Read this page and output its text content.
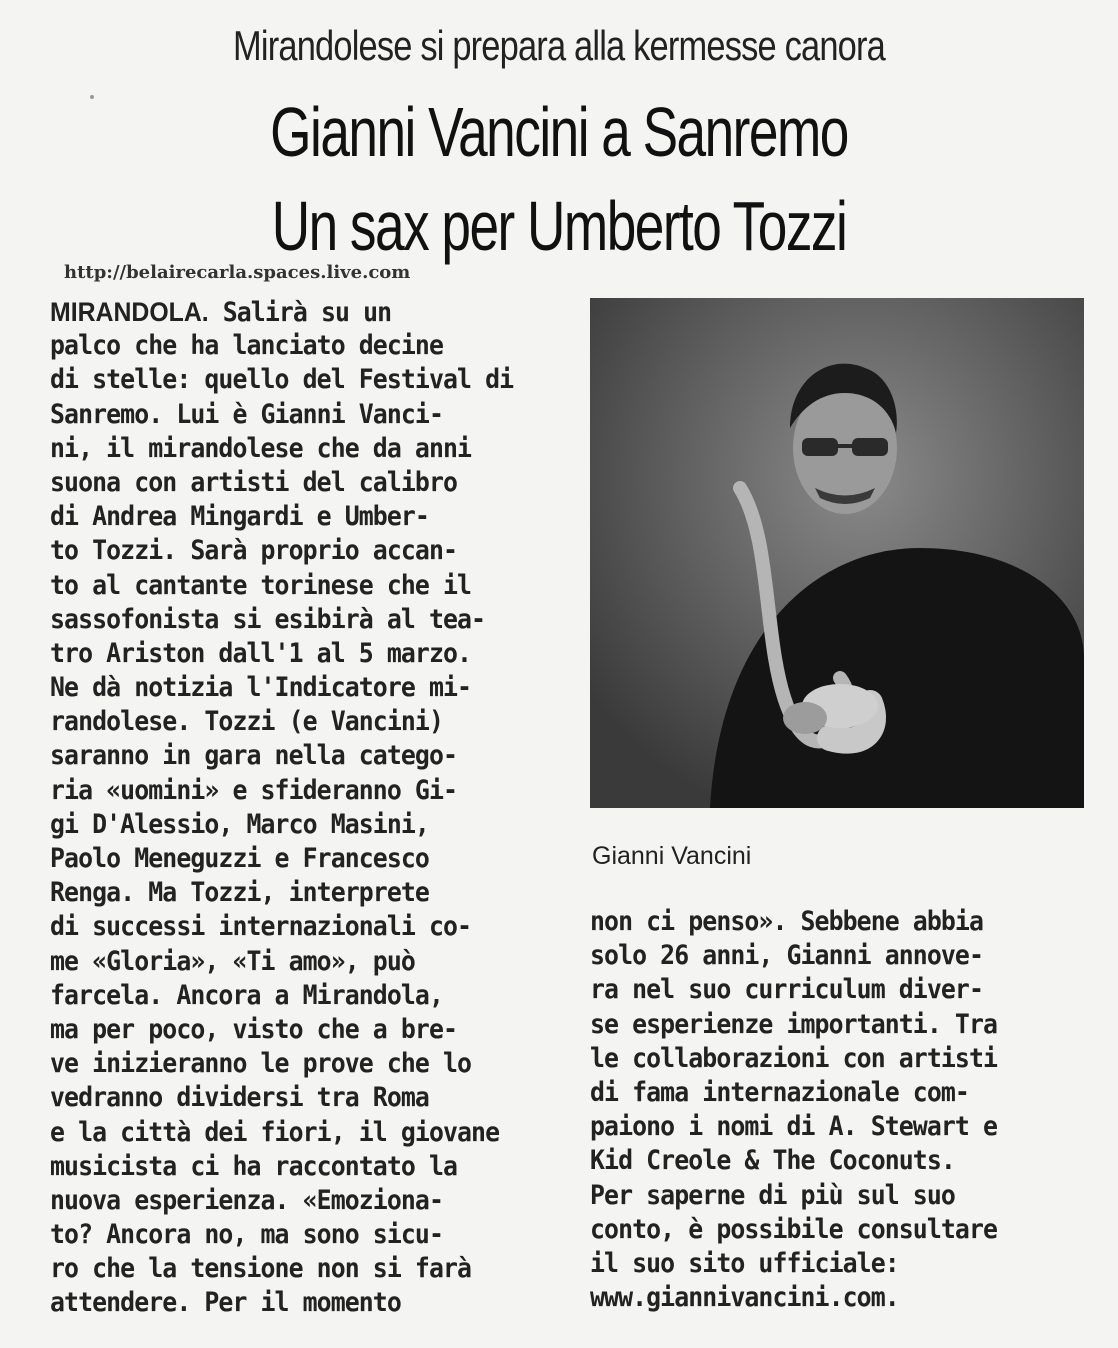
Mirandolese si prepara alla kermesse canora
Gianni Vancini a Sanremo
Un sax per Umberto Tozzi
http://belairecarla.spaces.live.com
MIRANDOLA. Salirà su un
palco che ha lanciato decine
di stelle: quello del Festival di
Sanremo. Lui è Gianni Vanci-
ni, il mirandolese che da anni
suona con artisti del calibro
di Andrea Mingardi e Umber-
to Tozzi. Sarà proprio accan-
to al cantante torinese che il
sassofonista si esibirà al tea-
tro Ariston dall'1 al 5 marzo.
Ne dà notizia l'Indicatore mi-
randolese. Tozzi (e Vancini)
saranno in gara nella catego-
ria «uomini» e sfideranno Gi-
gi D'Alessio, Marco Masini,
Paolo Meneguzzi e Francesco
Renga. Ma Tozzi, interprete
di successi internazionali co-
me «Gloria», «Ti amo», può
farcela. Ancora a Mirandola,
ma per poco, visto che a bre-
ve inizieranno le prove che lo
vedranno dividersi tra Roma
e la città dei fiori, il giovane
musicista ci ha raccontato la
nuova esperienza. «Emoziona-
to? Ancora no, ma sono sicu-
ro che la tensione non si farà
attendere. Per il momento
Gianni Vancini
non ci penso». Sebbene abbia
solo 26 anni, Gianni annove-
ra nel suo curriculum diver-
se esperienze importanti. Tra
le collaborazioni con artisti
di fama internazionale com-
paiono i nomi di A. Stewart e
Kid Creole & The Coconuts.
Per saperne di più sul suo
conto, è possibile consultare
il suo sito ufficiale:
www.giannivancini.com.
